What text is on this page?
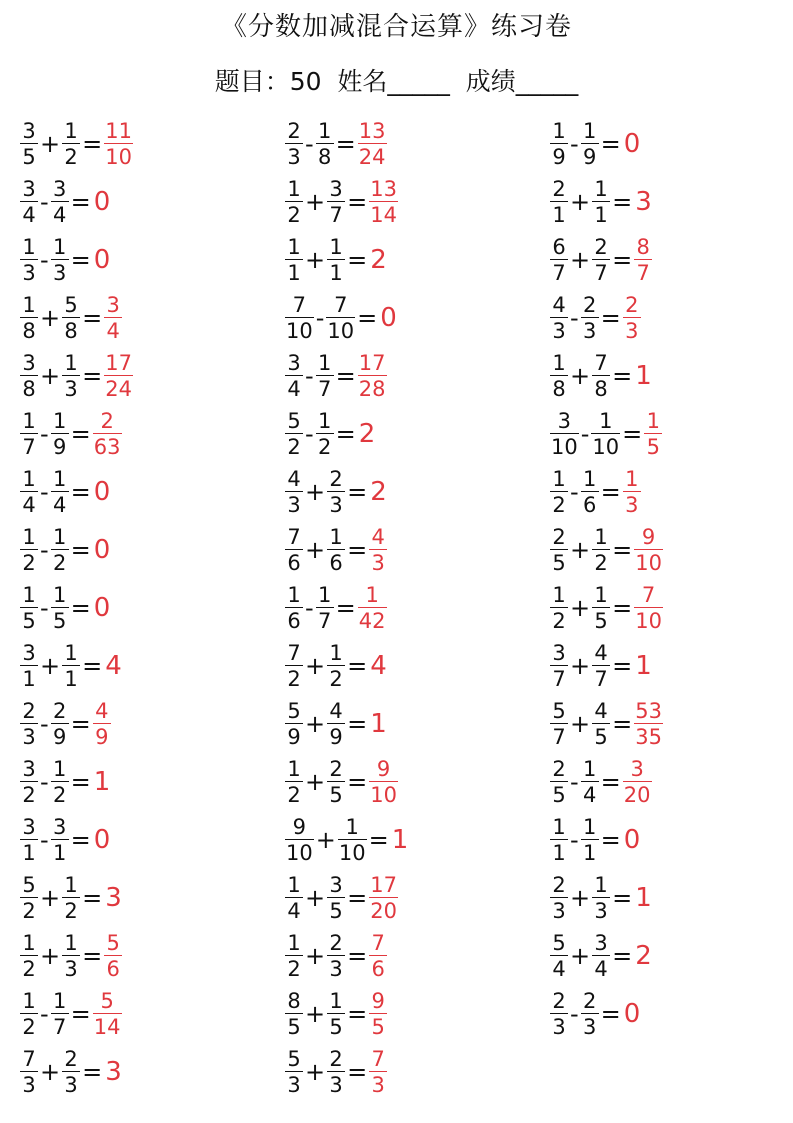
《分数加减混合运算》练习卷
题目：50  姓名_____  成绩_____
$\frac{3}{5} + \frac{1}{2} = \frac{11}{10}$
$\frac{3}{4} - \frac{3}{4} = 0$
$\frac{1}{3} - \frac{1}{3} = 0$
$\frac{1}{8} + \frac{5}{8} = \frac{3}{4}$
$\frac{3}{8} + \frac{1}{3} = \frac{17}{24}$
$\frac{1}{7} - \frac{1}{9} = \frac{2}{63}$
$\frac{1}{4} - \frac{1}{4} = 0$
$\frac{1}{2} - \frac{1}{2} = 0$
$\frac{1}{5} - \frac{1}{5} = 0$
$\frac{3}{1} + \frac{1}{1} = 4$
$\frac{2}{3} - \frac{2}{9} = \frac{4}{9}$
$\frac{3}{2} - \frac{1}{2} = 1$
$\frac{3}{1} - \frac{3}{1} = 0$
$\frac{5}{2} + \frac{1}{2} = 3$
$\frac{1}{2} + \frac{1}{3} = \frac{5}{6}$
$\frac{1}{2} - \frac{1}{7} = \frac{5}{14}$
$\frac{7}{3} + \frac{2}{3} = 3$
$\frac{2}{3} - \frac{1}{8} = \frac{13}{24}$
$\frac{1}{2} + \frac{3}{7} = \frac{13}{14}$
$\frac{1}{1} + \frac{1}{1} = 2$
$\frac{7}{10} - \frac{7}{10} = 0$
$\frac{3}{4} - \frac{1}{7} = \frac{17}{28}$
$\frac{5}{2} - \frac{1}{2} = 2$
$\frac{4}{3} + \frac{2}{3} = 2$
$\frac{7}{6} + \frac{1}{6} = \frac{4}{3}$
$\frac{1}{6} - \frac{1}{7} = \frac{1}{42}$
$\frac{7}{2} + \frac{1}{2} = 4$
$\frac{5}{9} + \frac{4}{9} = 1$
$\frac{1}{2} + \frac{2}{5} = \frac{9}{10}$
$\frac{9}{10} + \frac{1}{10} = 1$
$\frac{1}{4} + \frac{3}{5} = \frac{17}{20}$
$\frac{1}{2} + \frac{2}{3} = \frac{7}{6}$
$\frac{8}{5} + \frac{1}{5} = \frac{9}{5}$
$\frac{5}{3} + \frac{2}{3} = \frac{7}{3}$
$\frac{1}{9} - \frac{1}{9} = 0$
$\frac{2}{1} + \frac{1}{1} = 3$
$\frac{6}{7} + \frac{2}{7} = \frac{8}{7}$
$\frac{4}{3} - \frac{2}{3} = \frac{2}{3}$
$\frac{1}{8} + \frac{7}{8} = 1$
$\frac{3}{10} - \frac{1}{10} = \frac{1}{5}$
$\frac{1}{2} - \frac{1}{6} = \frac{1}{3}$
$\frac{2}{5} + \frac{1}{2} = \frac{9}{10}$
$\frac{1}{2} + \frac{1}{5} = \frac{7}{10}$
$\frac{3}{7} + \frac{4}{7} = 1$
$\frac{5}{7} + \frac{4}{5} = \frac{53}{35}$
$\frac{2}{5} - \frac{1}{4} = \frac{3}{20}$
$\frac{1}{1} - \frac{1}{1} = 0$
$\frac{2}{3} + \frac{1}{3} = 1$
$\frac{5}{4} + \frac{3}{4} = 2$
$\frac{2}{3} - \frac{2}{3} = 0$
